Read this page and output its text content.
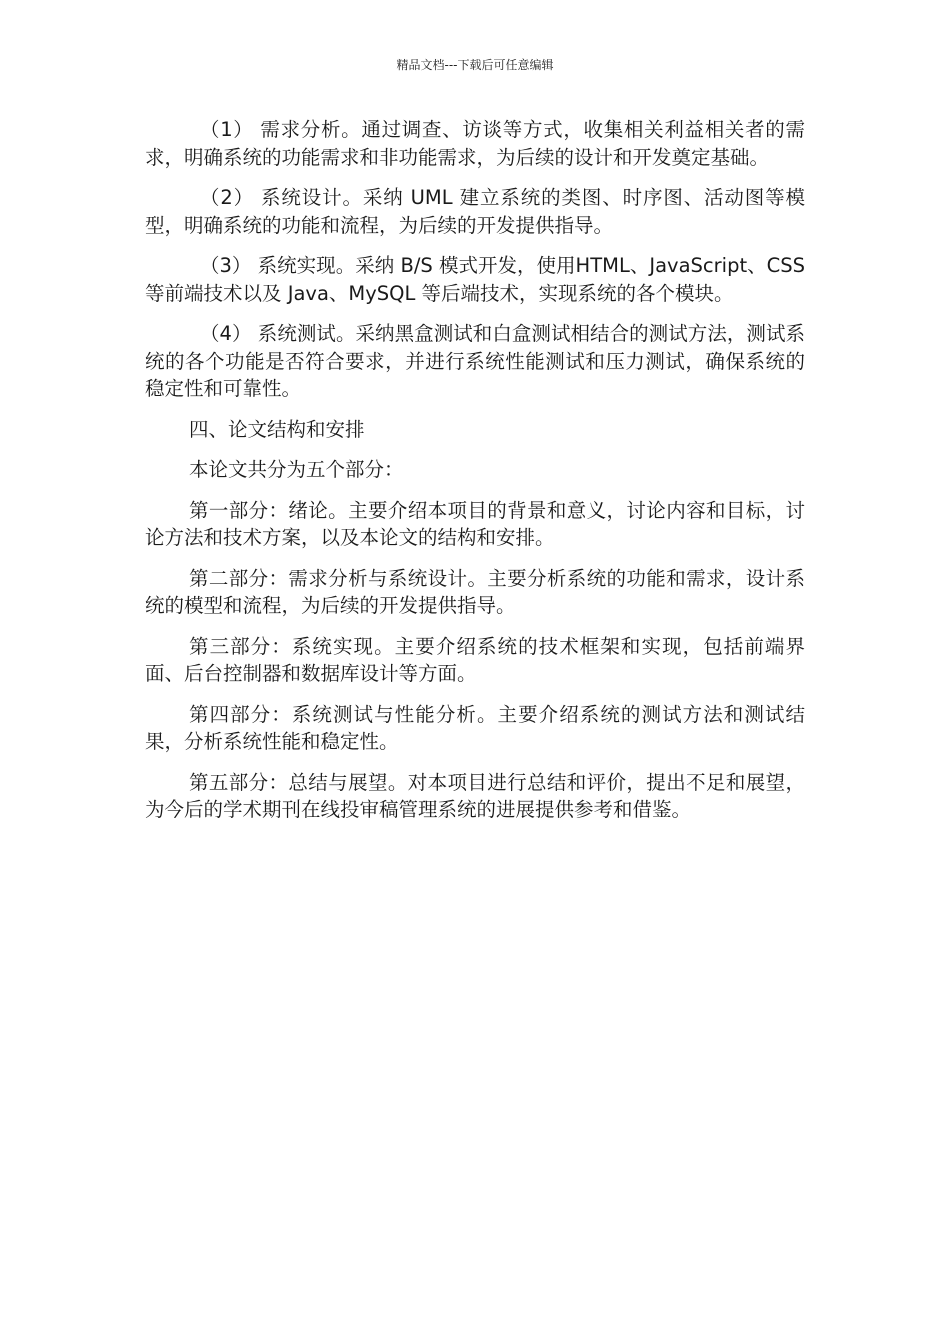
精品文档---下载后可任意编辑

（1） 需求分析。通过调查、访谈等方式，收集相关利益相关者的需求，明确系统的功能需求和非功能需求，为后续的设计和开发奠定基础。

（2） 系统设计。采纳 UML 建立系统的类图、时序图、活动图等模型，明确系统的功能和流程，为后续的开发提供指导。

（3） 系统实现。采纳 B/S 模式开发，使用HTML、JavaScript、CSS 等前端技术以及 Java、MySQL 等后端技术，实现系统的各个模块。

（4） 系统测试。采纳黑盒测试和白盒测试相结合的测试方法，测试系统的各个功能是否符合要求，并进行系统性能测试和压力测试，确保系统的稳定性和可靠性。

四、论文结构和安排

本论文共分为五个部分：

第一部分：绪论。主要介绍本项目的背景和意义，讨论内容和目标，讨论方法和技术方案，以及本论文的结构和安排。

第二部分：需求分析与系统设计。主要分析系统的功能和需求，设计系统的模型和流程，为后续的开发提供指导。

第三部分：系统实现。主要介绍系统的技术框架和实现，包括前端界面、后台控制器和数据库设计等方面。

第四部分：系统测试与性能分析。主要介绍系统的测试方法和测试结果，分析系统性能和稳定性。

第五部分：总结与展望。对本项目进行总结和评价，提出不足和展望，为今后的学术期刊在线投审稿管理系统的进展提供参考和借鉴。
